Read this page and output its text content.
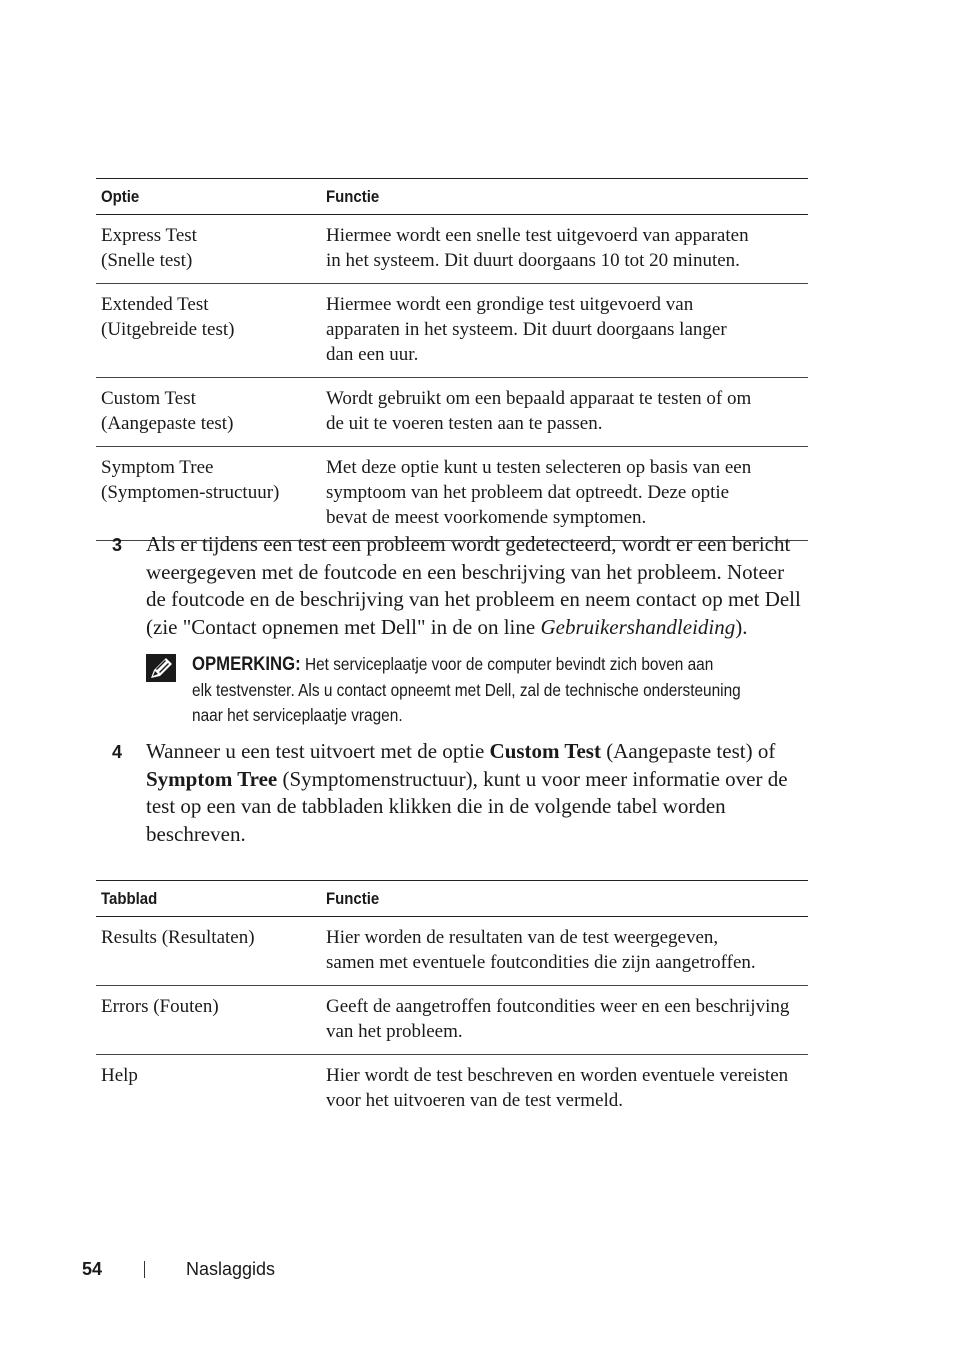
Optie	Functie

Express Test
(Snelle test)	Hiermee wordt een snelle test uitgevoerd van apparaten
in het systeem. Dit duurt doorgaans 10 tot 20 minuten.

Extended Test
(Uitgebreide test)	Hiermee wordt een grondige test uitgevoerd van
apparaten in het systeem. Dit duurt doorgaans langer
dan een uur.

Custom Test
(Aangepaste test)	Wordt gebruikt om een bepaald apparaat te testen of om
de uit te voeren testen aan te passen.

Symptom Tree
(Symptomen-structuur)	Met deze optie kunt u testen selecteren op basis van een
symptoom van het probleem dat optreedt. Deze optie
bevat de meest voorkomende symptomen.
3 Als er tijdens een test een probleem wordt gedetecteerd, wordt er een bericht
weergegeven met de foutcode en een beschrijving van het probleem. Noteer
de foutcode en de beschrijving van het probleem en neem contact op met Dell
(zie "Contact opnemen met Dell" in de on line Gebruikershandleiding).
OPMERKING: Het serviceplaatje voor de computer bevindt zich boven aan
elk testvenster. Als u contact opneemt met Dell, zal de technische ondersteuning
naar het serviceplaatje vragen.
4 Wanneer u een test uitvoert met de optie Custom Test (Aangepaste test) of
Symptom Tree (Symptomenstructuur), kunt u voor meer informatie over de
test op een van de tabbladen klikken die in de volgende tabel worden
beschreven.
Tabblad	Functie

Results (Resultaten)	Hier worden de resultaten van de test weergegeven,
samen met eventuele foutcondities die zijn aangetroffen.

Errors (Fouten)	Geeft de aangetroffen foutcondities weer en een beschrijving
van het probleem.

Help	Hier wordt de test beschreven en worden eventuele vereisten
voor het uitvoeren van de test vermeld.
54	Naslaggids
